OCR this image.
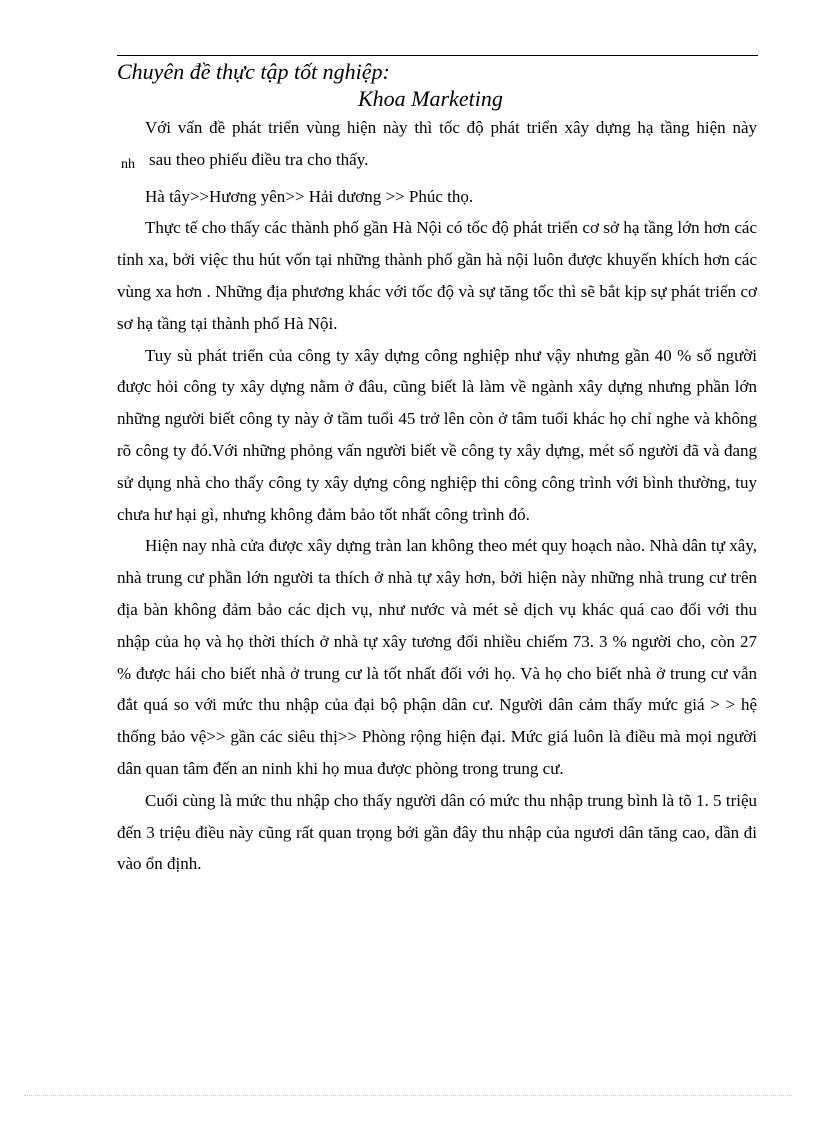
Chuyên đề thực tập tốt nghiệp:
Khoa Marketing

Với vấn đề phát triển vùng hiện này thì tốc độ phát triển xây dựng hạ tầng hiện này nh sau theo phiếu điều tra cho thấy.

Hà tây>>Hương yên>> Hải dương >> Phúc thọ.

Thực tế cho thấy các thành phố gần Hà Nội có tốc độ phát triển cơ sở hạ tầng lớn hơn các tỉnh xa, bởi việc thu hút vốn tại những thành phố gần hà nội luôn được khuyến khích hơn các vùng xa hơn . Những địa phương khác với tốc độ và sự tăng tốc thì sẽ bắt kịp sự phát triển cơ sơ hạ tầng tại thành phố Hà Nội.

Tuy sù phát triển của công ty xây dựng công nghiệp như vậy nhưng gần 40 % số người được hỏi công ty xây dựng nằm ở đâu, cũng biết là làm về ngành xây dựng nhưng phần lớn những người biết công ty này ở tầm tuổi 45 trở lên còn ở tâm tuổi khác họ chỉ nghe và không rõ công ty đó.Với những phỏng vấn người biết về công ty xây dựng, mét số người đã và đang sử dụng nhà cho thấy công ty xây dựng công nghiệp thi công công trình với bình thường, tuy chưa hư hại gì, nhưng không đảm bảo tốt nhất công trình đó.

Hiện nay nhà cửa được xây dựng tràn lan không theo mét quy hoạch nào. Nhà dân tự xây, nhà trung cư phần lớn người ta thích ở nhà tự xây hơn, bởi hiện này những nhà trung cư trên địa bàn không đảm bảo các dịch vụ, như nước và mét sè dịch vụ khác quá cao đối với thu nhập của họ và họ thời thích ở nhà tự xây tương đối nhiều chiếm 73. 3 % người cho, còn 27 % được hái cho biết nhà ở trung cư là tốt nhất đối với họ. Và họ cho biết nhà ở trung cư vẫn đắt quá so với mức thu nhập của đại bộ phận dân cư. Người dân cảm thấy mức giá > > hệ thống bảo vệ>> gần các siêu thị>> Phòng rộng hiện đại. Mức giá luôn là điều mà mọi người dân quan tâm đến an ninh khi họ mua được phòng trong trung cư.

Cuối cùng là mức thu nhập cho thấy người dân có mức thu nhập trung bình là tõ 1. 5 triệu đến 3 triệu điều này cũng rất quan trọng bởi gần đây thu nhập của ngươi dân tăng cao, dần đi vào ổn định.
